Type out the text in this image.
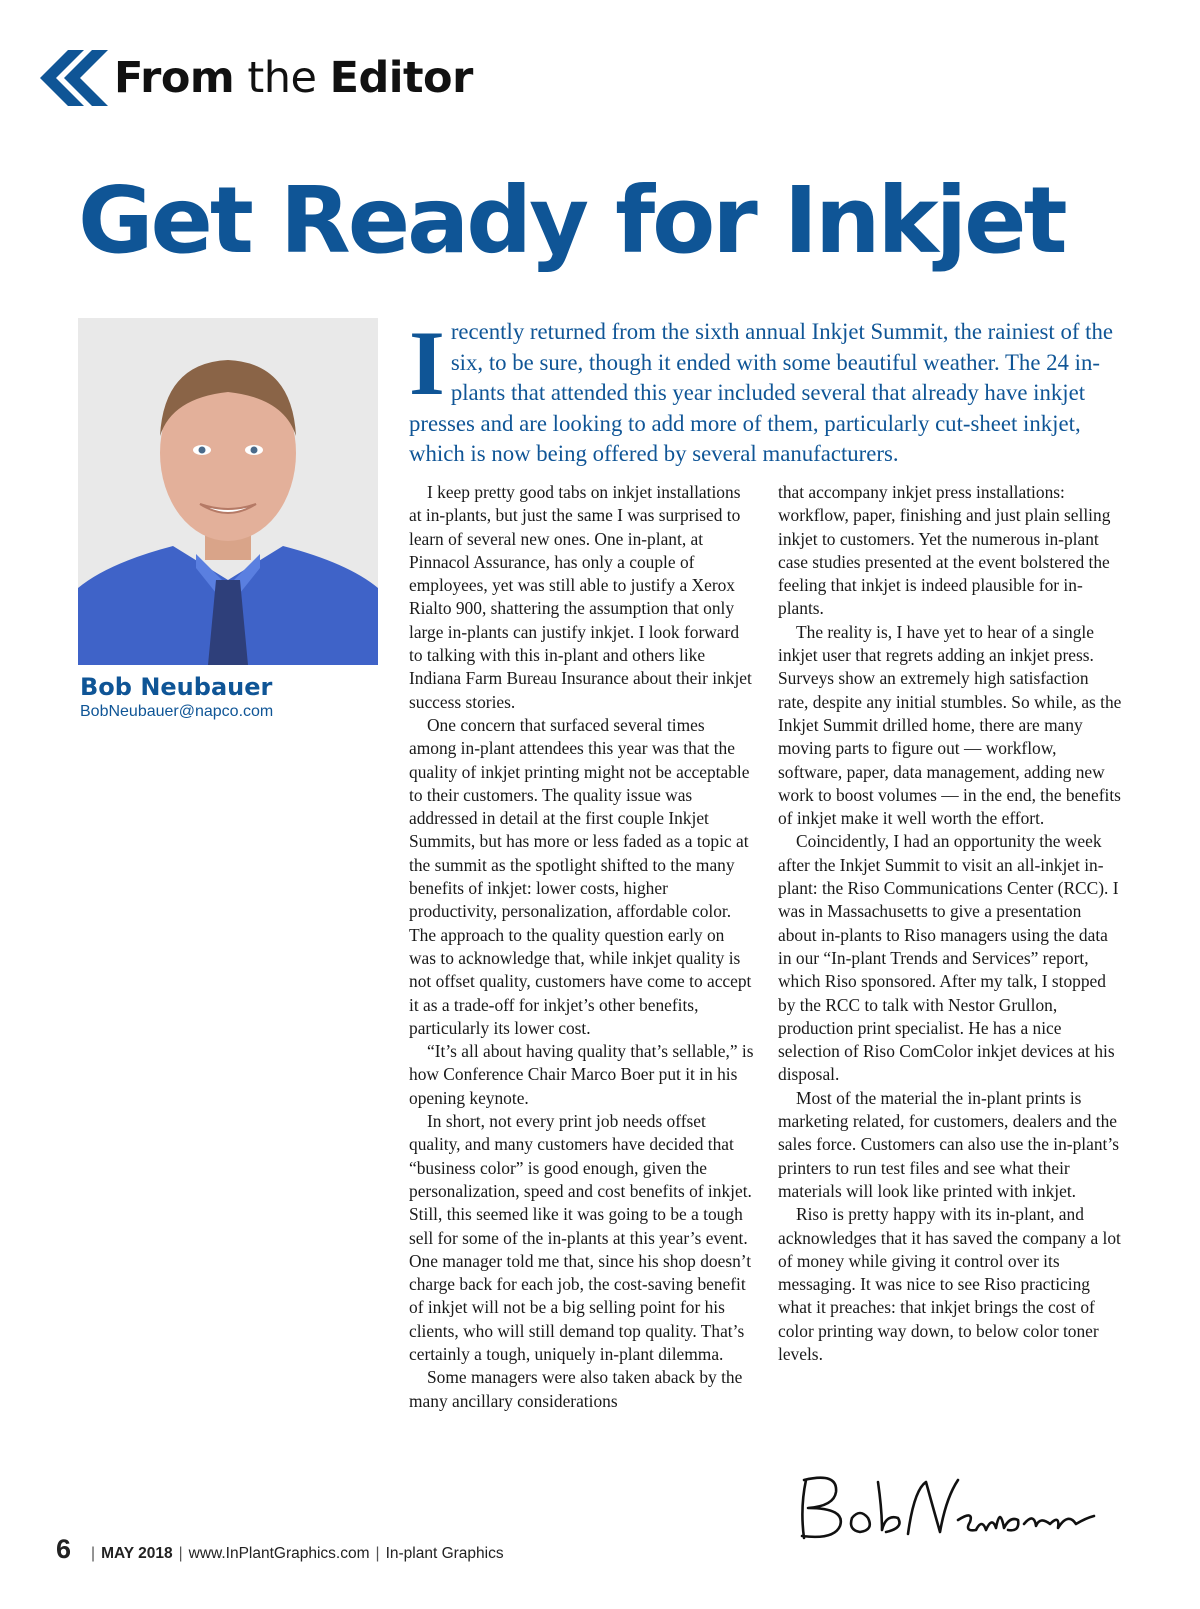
From the Editor
Get Ready for Inkjet
Bob Neubauer
BobNeubauer@napco.com

I recently returned from the sixth annual Inkjet Summit, the rainiest of the six, to be sure, though it ended with some beautiful weather. The 24 in-plants that attended this year included several that already have inkjet presses and are looking to add more of them, particularly cut-sheet inkjet, which is now being offered by several manufacturers.

I keep pretty good tabs on inkjet installations at in-plants, but just the same I was surprised to learn of several new ones. One in-plant, at Pinnacol Assurance, has only a couple of employees, yet was still able to justify a Xerox Rialto 900, shattering the assumption that only large in-plants can justify inkjet. I look forward to talking with this in-plant and others like Indiana Farm Bureau Insurance about their inkjet success stories.

One concern that surfaced several times among in-plant attendees this year was that the quality of inkjet printing might not be acceptable to their customers. The quality issue was addressed in detail at the first couple Inkjet Summits, but has more or less faded as a topic at the summit as the spotlight shifted to the many benefits of inkjet: lower costs, higher productivity, personalization, affordable color. The approach to the quality question early on was to acknowledge that, while inkjet quality is not offset quality, customers have come to accept it as a trade-off for inkjet’s other benefits, particularly its lower cost.

“It’s all about having quality that’s sellable,” is how Conference Chair Marco Boer put it in his opening keynote.

In short, not every print job needs offset quality, and many customers have decided that “business color” is good enough, given the personalization, speed and cost benefits of inkjet. Still, this seemed like it was going to be a tough sell for some of the in-plants at this year’s event. One manager told me that, since his shop doesn’t charge back for each job, the cost-saving benefit of inkjet will not be a big selling point for his clients, who will still demand top quality. That’s certainly a tough, uniquely in-plant dilemma.

Some managers were also taken aback by the many ancillary considerations

that accompany inkjet press installations: workflow, paper, finishing and just plain selling inkjet to customers. Yet the numerous in-plant case studies presented at the event bolstered the feeling that inkjet is indeed plausible for in-plants.

The reality is, I have yet to hear of a single inkjet user that regrets adding an inkjet press. Surveys show an extremely high satisfaction rate, despite any initial stumbles. So while, as the Inkjet Summit drilled home, there are many moving parts to figure out — workflow, software, paper, data management, adding new work to boost volumes — in the end, the benefits of inkjet make it well worth the effort.

Coincidently, I had an opportunity the week after the Inkjet Summit to visit an all-inkjet in-plant: the Riso Communications Center (RCC). I was in Massachusetts to give a presentation about in-plants to Riso managers using the data in our “In-plant Trends and Services” report, which Riso sponsored. After my talk, I stopped by the RCC to talk with Nestor Grullon, production print specialist. He has a nice selection of Riso ComColor inkjet devices at his disposal.

Most of the material the in-plant prints is marketing related, for customers, dealers and the sales force. Customers can also use the in-plant’s printers to run test files and see what their materials will look like printed with inkjet.

Riso is pretty happy with its in-plant, and acknowledges that it has saved the company a lot of money while giving it control over its messaging. It was nice to see Riso practicing what it preaches: that inkjet brings the cost of color printing way down, to below color toner levels.

6 | MAY 2018 | www.InPlantGraphics.com | In-plant Graphics
